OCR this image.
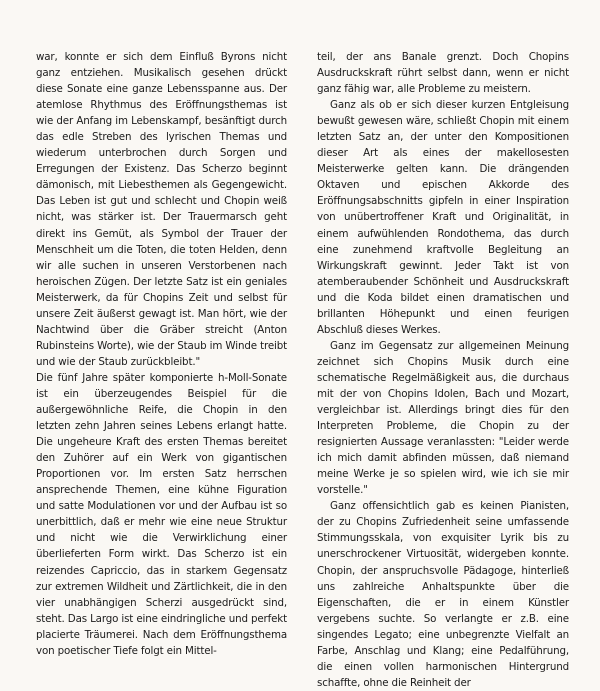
war, konnte er sich dem Einfluß Byrons nicht ganz entziehen. Musikalisch gesehen drückt diese Sonate eine ganze Lebensspanne aus. Der atemlose Rhythmus des Eröffnungsthemas ist wie der Anfang im Lebenskampf, besänftigt durch das edle Streben des lyrischen Themas und wiederum unterbrochen durch Sorgen und Erregungen der Existenz. Das Scherzo beginnt dämonisch, mit Liebesthemen als Gegengewicht. Das Leben ist gut und schlecht und Chopin weiß nicht, was stärker ist. Der Trauermarsch geht direkt ins Gemüt, als Symbol der Trauer der Menschheit um die Toten, die toten Helden, denn wir alle suchen in unseren Verstorbenen nach heroischen Zügen. Der letzte Satz ist ein geniales Meisterwerk, da für Chopins Zeit und selbst für unsere Zeit äußerst gewagt ist. Man hört, wie der Nachtwind über die Gräber streicht (Anton Rubinsteins Worte), wie der Staub im Winde treibt und wie der Staub zurückbleibt."

Die fünf Jahre später komponierte h-Moll-Sonate ist ein überzeugendes Beispiel für die außergewöhnliche Reife, die Chopin in den letzten zehn Jahren seines Lebens erlangt hatte. Die ungeheure Kraft des ersten Themas bereitet den Zuhörer auf ein Werk von gigantischen Proportionen vor. Im ersten Satz herrschen ansprechende Themen, eine kühne Figuration und satte Modulationen vor und der Aufbau ist so unerbittlich, daß er mehr wie eine neue Struktur und nicht wie die Verwirklichung einer überlieferten Form wirkt. Das Scherzo ist ein reizendes Capriccio, das in starkem Gegensatz zur extremen Wildheit und Zärtlichkeit, die in den vier unabhängigen Scherzi ausgedrückt sind, steht. Das Largo ist eine eindringliche und perfekt placierte Träumerei. Nach dem Eröffnungsthema von poetischer Tiefe folgt ein Mittel-

teil, der ans Banale grenzt. Doch Chopins Ausdruckskraft rührt selbst dann, wenn er nicht ganz fähig war, alle Probleme zu meistern.

Ganz als ob er sich dieser kurzen Entgleisung bewußt gewesen wäre, schließt Chopin mit einem letzten Satz an, der unter den Kompositionen dieser Art als eines der makellosesten Meisterwerke gelten kann. Die drängenden Oktaven und epischen Akkorde des Eröffnungsabschnitts gipfeln in einer Inspiration von unübertroffener Kraft und Originalität, in einem aufwühlenden Rondothema, das durch eine zunehmend kraftvolle Begleitung an Wirkungskraft gewinnt. Jeder Takt ist von atemberaubender Schönheit und Ausdruckskraft und die Koda bildet einen dramatischen und brillanten Höhepunkt und einen feurigen Abschluß dieses Werkes.

Ganz im Gegensatz zur allgemeinen Meinung zeichnet sich Chopins Musik durch eine schematische Regelmäßigkeit aus, die durchaus mit der von Chopins Idolen, Bach und Mozart, vergleichbar ist. Allerdings bringt dies für den Interpreten Probleme, die Chopin zu der resignierten Aussage veranlassten: "Leider werde ich mich damit abfinden müssen, daß niemand meine Werke je so spielen wird, wie ich sie mir vorstelle."

Ganz offensichtlich gab es keinen Pianisten, der zu Chopins Zufriedenheit seine umfassende Stimmungsskala, von exquisiter Lyrik bis zu unerschrockener Virtuosität, widergeben konnte. Chopin, der anspruchsvolle Pädagoge, hinterließ uns zahlreiche Anhaltspunkte über die Eigenschaften, die er in einem Künstler vergebens suchte. So verlangte er z.B. eine singendes Legato; eine unbegrenzte Vielfalt an Farbe, Anschlag und Klang; eine Pedalführung, die einen vollen harmonischen Hintergrund schaffte, ohne die Reinheit der
